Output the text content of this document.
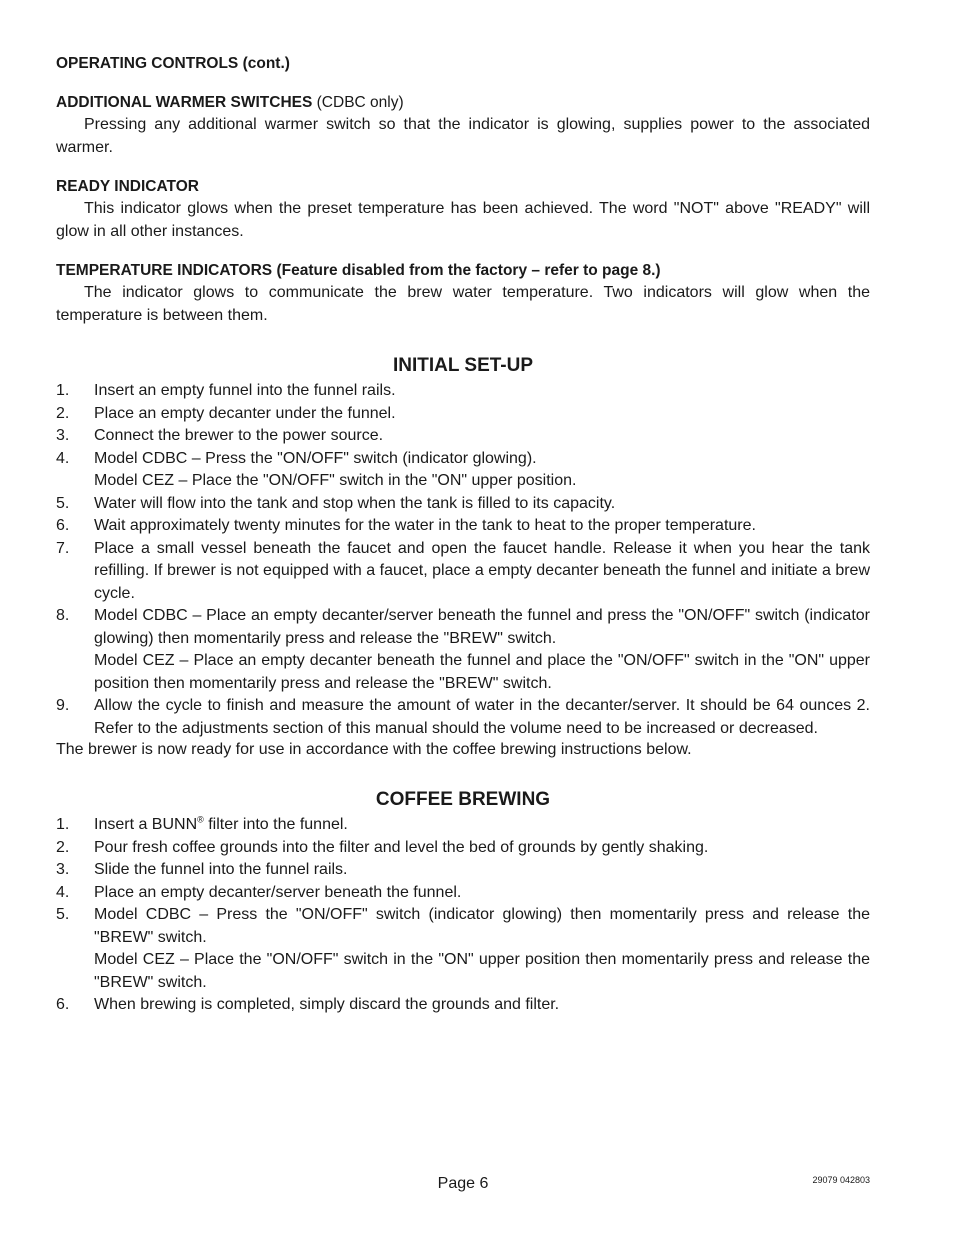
OPERATING CONTROLS (cont.)
ADDITIONAL WARMER SWITCHES (CDBC only)

Pressing any additional warmer switch so that the indicator is glowing, supplies power to the associated warmer.

READY INDICATOR

This indicator glows when the preset temperature has been achieved. The word "NOT" above "READY" will glow in all other instances.

TEMPERATURE INDICATORS (Feature disabled from the factory – refer to page 8.)

The indicator glows to communicate the brew water temperature. Two indicators will glow when the temperature is between them.

INITIAL SET-UP
1. Insert an empty funnel into the funnel rails.
2. Place an empty decanter under the funnel.
3. Connect the brewer to the power source.
4. Model CDBC – Press the "ON/OFF" switch (indicator glowing).
Model CEZ – Place the "ON/OFF" switch in the "ON" upper position.
5. Water will flow into the tank and stop when the tank is filled to its capacity.
6. Wait approximately twenty minutes for the water in the tank to heat to the proper temperature.
7. Place a small vessel beneath the faucet and open the faucet handle. Release it when you hear the tank refilling. If brewer is not equipped with a faucet, place a empty decanter beneath the funnel and initiate a brew cycle.
8. Model CDBC – Place an empty decanter/server beneath the funnel and press the "ON/OFF" switch (indicator glowing) then momentarily press and release the "BREW" switch.
Model CEZ – Place an empty decanter beneath the funnel and place the "ON/OFF" switch in the "ON" upper position then momentarily press and release the "BREW" switch.
9. Allow the cycle to finish and measure the amount of water in the decanter/server. It should be 64 ounces 2. Refer to the adjustments section of this manual should the volume need to be increased or decreased.
The brewer is now ready for use in accordance with the coffee brewing instructions below.
COFFEE BREWING
1. Insert a BUNN® filter into the funnel.
2. Pour fresh coffee grounds into the filter and level the bed of grounds by gently shaking.
3. Slide the funnel into the funnel rails.
4. Place an empty decanter/server beneath the funnel.
5. Model CDBC – Press the "ON/OFF" switch (indicator glowing) then momentarily press and release the "BREW" switch.
Model CEZ – Place the "ON/OFF" switch in the "ON" upper position then momentarily press and release the "BREW" switch.
6. When brewing is completed, simply discard the grounds and filter.
Page 6	29079 042803
